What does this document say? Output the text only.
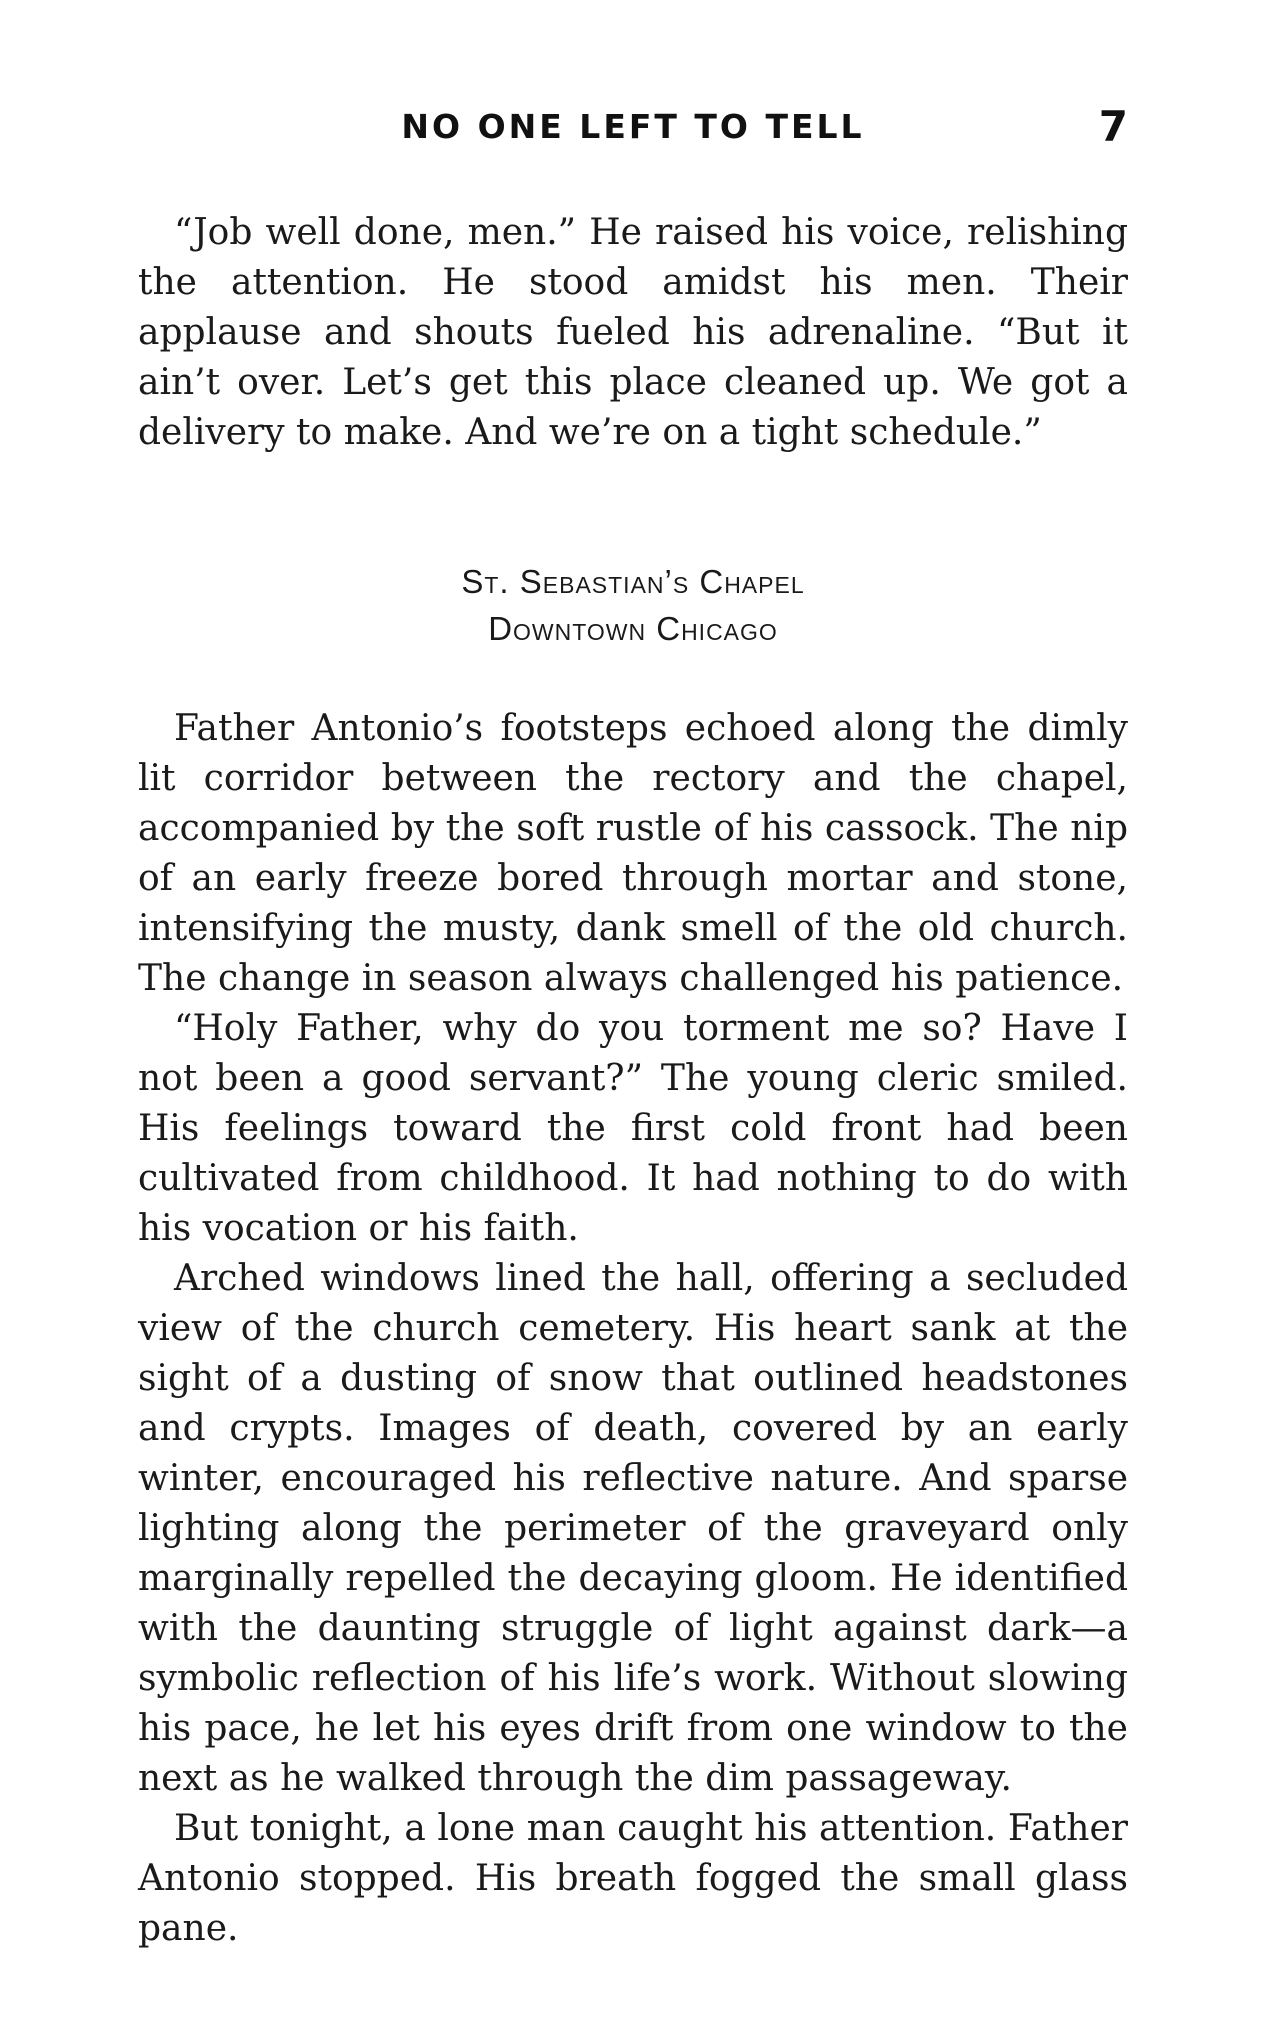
NO ONE LEFT TO TELL	7

“Job well done, men.” He raised his voice, relishing the attention. He stood amidst his men. Their applause and shouts fueled his adrenaline. “But it ain’t over. Let’s get this place cleaned up. We got a delivery to make. And we’re on a tight schedule.”

St. Sebastian’s Chapel
Downtown Chicago

Father Antonio’s footsteps echoed along the dimly lit corridor between the rectory and the chapel, accompanied by the soft rustle of his cassock. The nip of an early freeze bored through mortar and stone, intensifying the musty, dank smell of the old church. The change in season always challenged his patience.

“Holy Father, why do you torment me so? Have I not been a good servant?” The young cleric smiled. His feelings toward the first cold front had been cultivated from childhood. It had nothing to do with his vocation or his faith.

Arched windows lined the hall, offering a secluded view of the church cemetery. His heart sank at the sight of a dusting of snow that outlined headstones and crypts. Images of death, covered by an early winter, encouraged his reflective nature. And sparse lighting along the perimeter of the graveyard only marginally repelled the decaying gloom. He identified with the daunting struggle of light against dark—a symbolic reflection of his life’s work. Without slowing his pace, he let his eyes drift from one window to the next as he walked through the dim passageway.

But tonight, a lone man caught his attention. Father Antonio stopped. His breath fogged the small glass pane.
